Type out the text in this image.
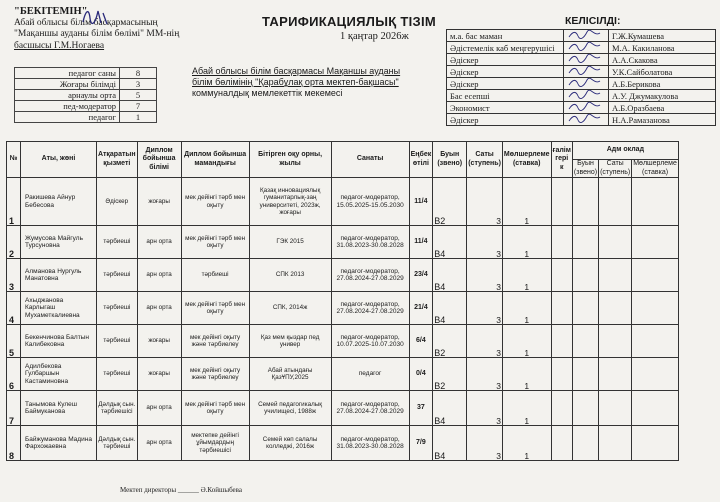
"БЕКІТЕМІН"
Абай облысы білім басқармасының
"Мақаншы ауданы білім бөлімі" ММ-нің
басшысы Г.М.Ногаева
педагог саны	8
Жоғары білімді	3
арнаулы орта	5
пед-модератор	7
педагог	1
ТАРИФИКАЦИЯЛЫҚ ТІЗІМ
1 қаңтар 2026ж
Абай облысы білім басқармасы Мақаншы ауданы
білім бөлімінің "Қарабұлақ орта мектеп-бақшасы"
коммуналдық мемлекеттік мекемесі
КЕЛІСІЛДІ:
м.а. бас маман		Г.Ж.Кумашева
Әдістемелік каб меңгерушісі		М.А. Какиланова
Әдіскер		А.А.Скакова
Әдіскер		У.К.Сайболатова
Әдіскер		А.Б.Берикова
Бас есепші		А.У. Джумакулова
Экономист		А.Б.Оразбаева
Әдіскер		Н.А.Рамазанова
№	Аты, жөні	Атқаратын қызметі	Диплом бойынша білімі	Диплом бойынша мамандығы	Бітірген оқу орны, жылы	Санаты	Еңбек өтілі	Буын (звено)	Саты (ступень)	Мөлшерлеме (ставка)	ғалім гері к	Адм оклад		
												Буын (звено)	Саты (ступень)	Мөлшерлеме (ставка)
1	Ракишева Айнур Бебесова	Әдіскер	жоғары	мек дейінгі тәрб мен оқыту	Қазақ инновациялық гуманитарлық-заң университеті, 2023ж, жоғары	педагог-модератор, 15.05.2025-15.05.2030	11/4	B2	3	1				
2	Жумусова Майгуль Турсуновна	тәрбиеші	арн орта	мек дейінгі тәрб мен оқыту	ГЭК 2015	педагог-модератор, 31.08.2023-30.08.2028	11/4	B4	3	1				
3	Алманова Нургуль Манатовна	тәрбиеші	арн орта	тәрбиеші	СПК 2013	педагог-модератор, 27.08.2024-27.08.2029	23/4	B4	3	1				
4	Ахыджанова Карлыгаш Мухаметкалиевна	тәрбиеші	арн орта	мек дейінгі тәрб мен оқыту	СПК, 2014ж	педагог-модератор, 27.08.2024-27.08.2029	21/4	B4	3	1				
5	Бекенчинова Балтын Калибековна	тәрбиеші	жоғары	мек дейінгі оқыту және тәрбиелеу	Қаз мем қыздар пед универ	педагог-модератор, 10.07.2025-10.07.2030	6/4	B2	3	1				
6	Адилбекова Гулбаршын Кастаминовна	тәрбиеші	жоғары	мек дейінгі оқыту және тәрбиелеу	Абай атындағы ҚазҰПУ,2025	педагог	0/4	B2	3	1				
7	Танымова Кулеш Баймуканова	Дәлдық сын. тәрбиешісі	арн орта	мек дейінгі тәрб мен оқыту	Семей педагогикалық училищесі, 1988ж	педагог-модератор, 27.08.2024-27.08.2029	37	B4	3	1				
8	Байжуманова Мадина Фархожаевна	Дәлдық сын. тәрбиеші	арн орта	мектепке дейінгі ұйымдардың тәрбиешісі	Семей көп салалы колледжі, 2016ж	педагог-модератор, 31.08.2023-30.08.2028	7/9	B4	3	1				
Мектеп директоры ______ Ә.Койшыбева
